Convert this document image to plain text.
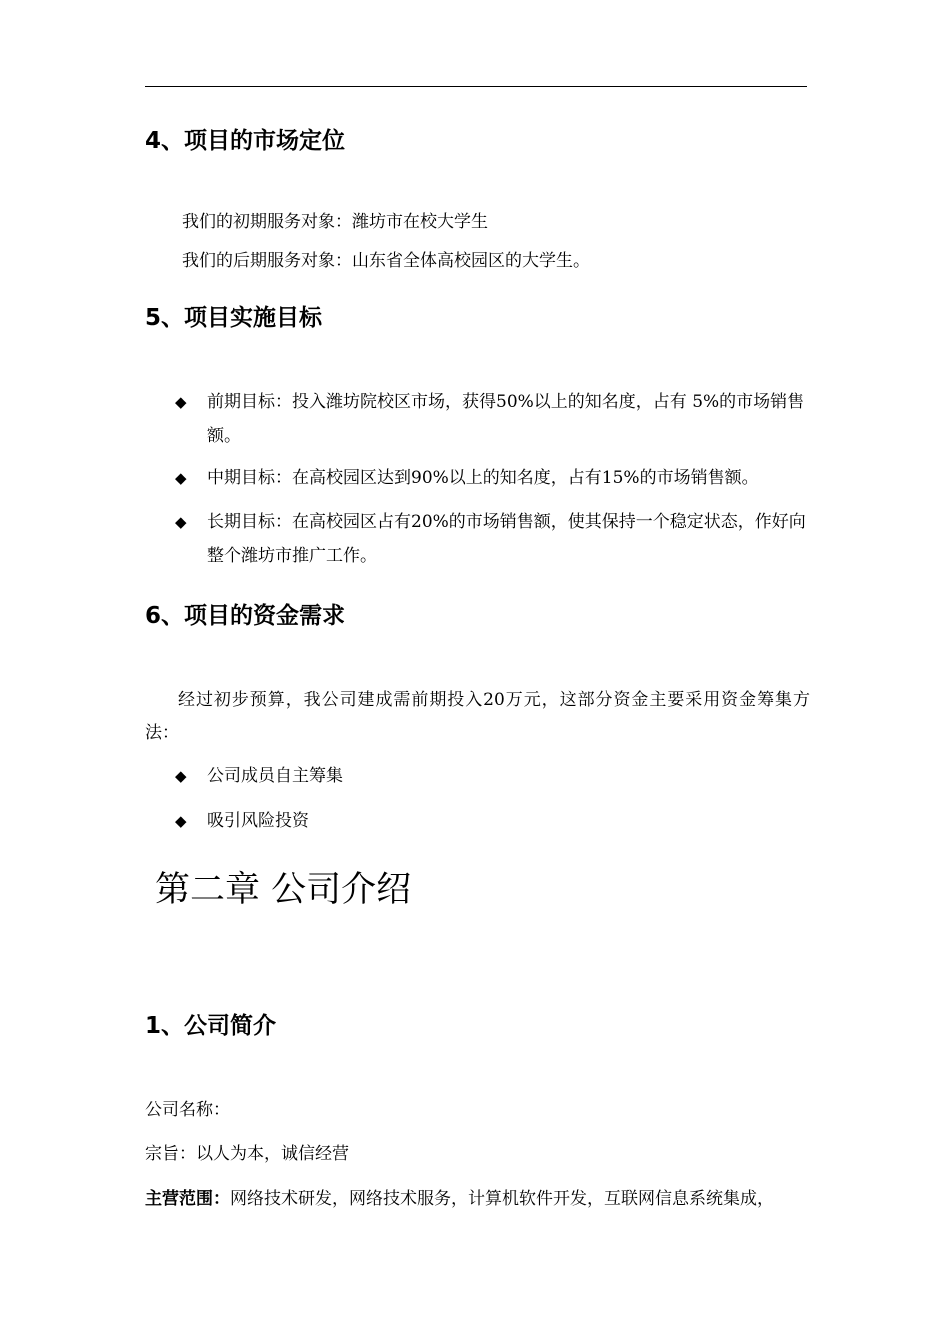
4、项目的市场定位

我们的初期服务对象：潍坊市在校大学生

我们的后期服务对象：山东省全体高校园区的大学生。

5、项目实施目标
◆	前期目标：投入潍坊院校区市场，获得50%以上的知名度，占有 5%的市场销售额。
◆	中期目标：在高校园区达到90%以上的知名度，占有15%的市场销售额。
◆	长期目标：在高校园区占有20%的市场销售额，使其保持一个稳定状态，作好向整个潍坊市推广工作。
6、项目的资金需求

经过初步预算，我公司建成需前期投入20万元，这部分资金主要采用资金筹集方法：

◆	公司成员自主筹集
◆	吸引风险投资
第二章 公司介绍
1、公司简介

公司名称：

宗旨：以人为本，诚信经营

主营范围：网络技术研发，网络技术服务，计算机软件开发，互联网信息系统集成，
